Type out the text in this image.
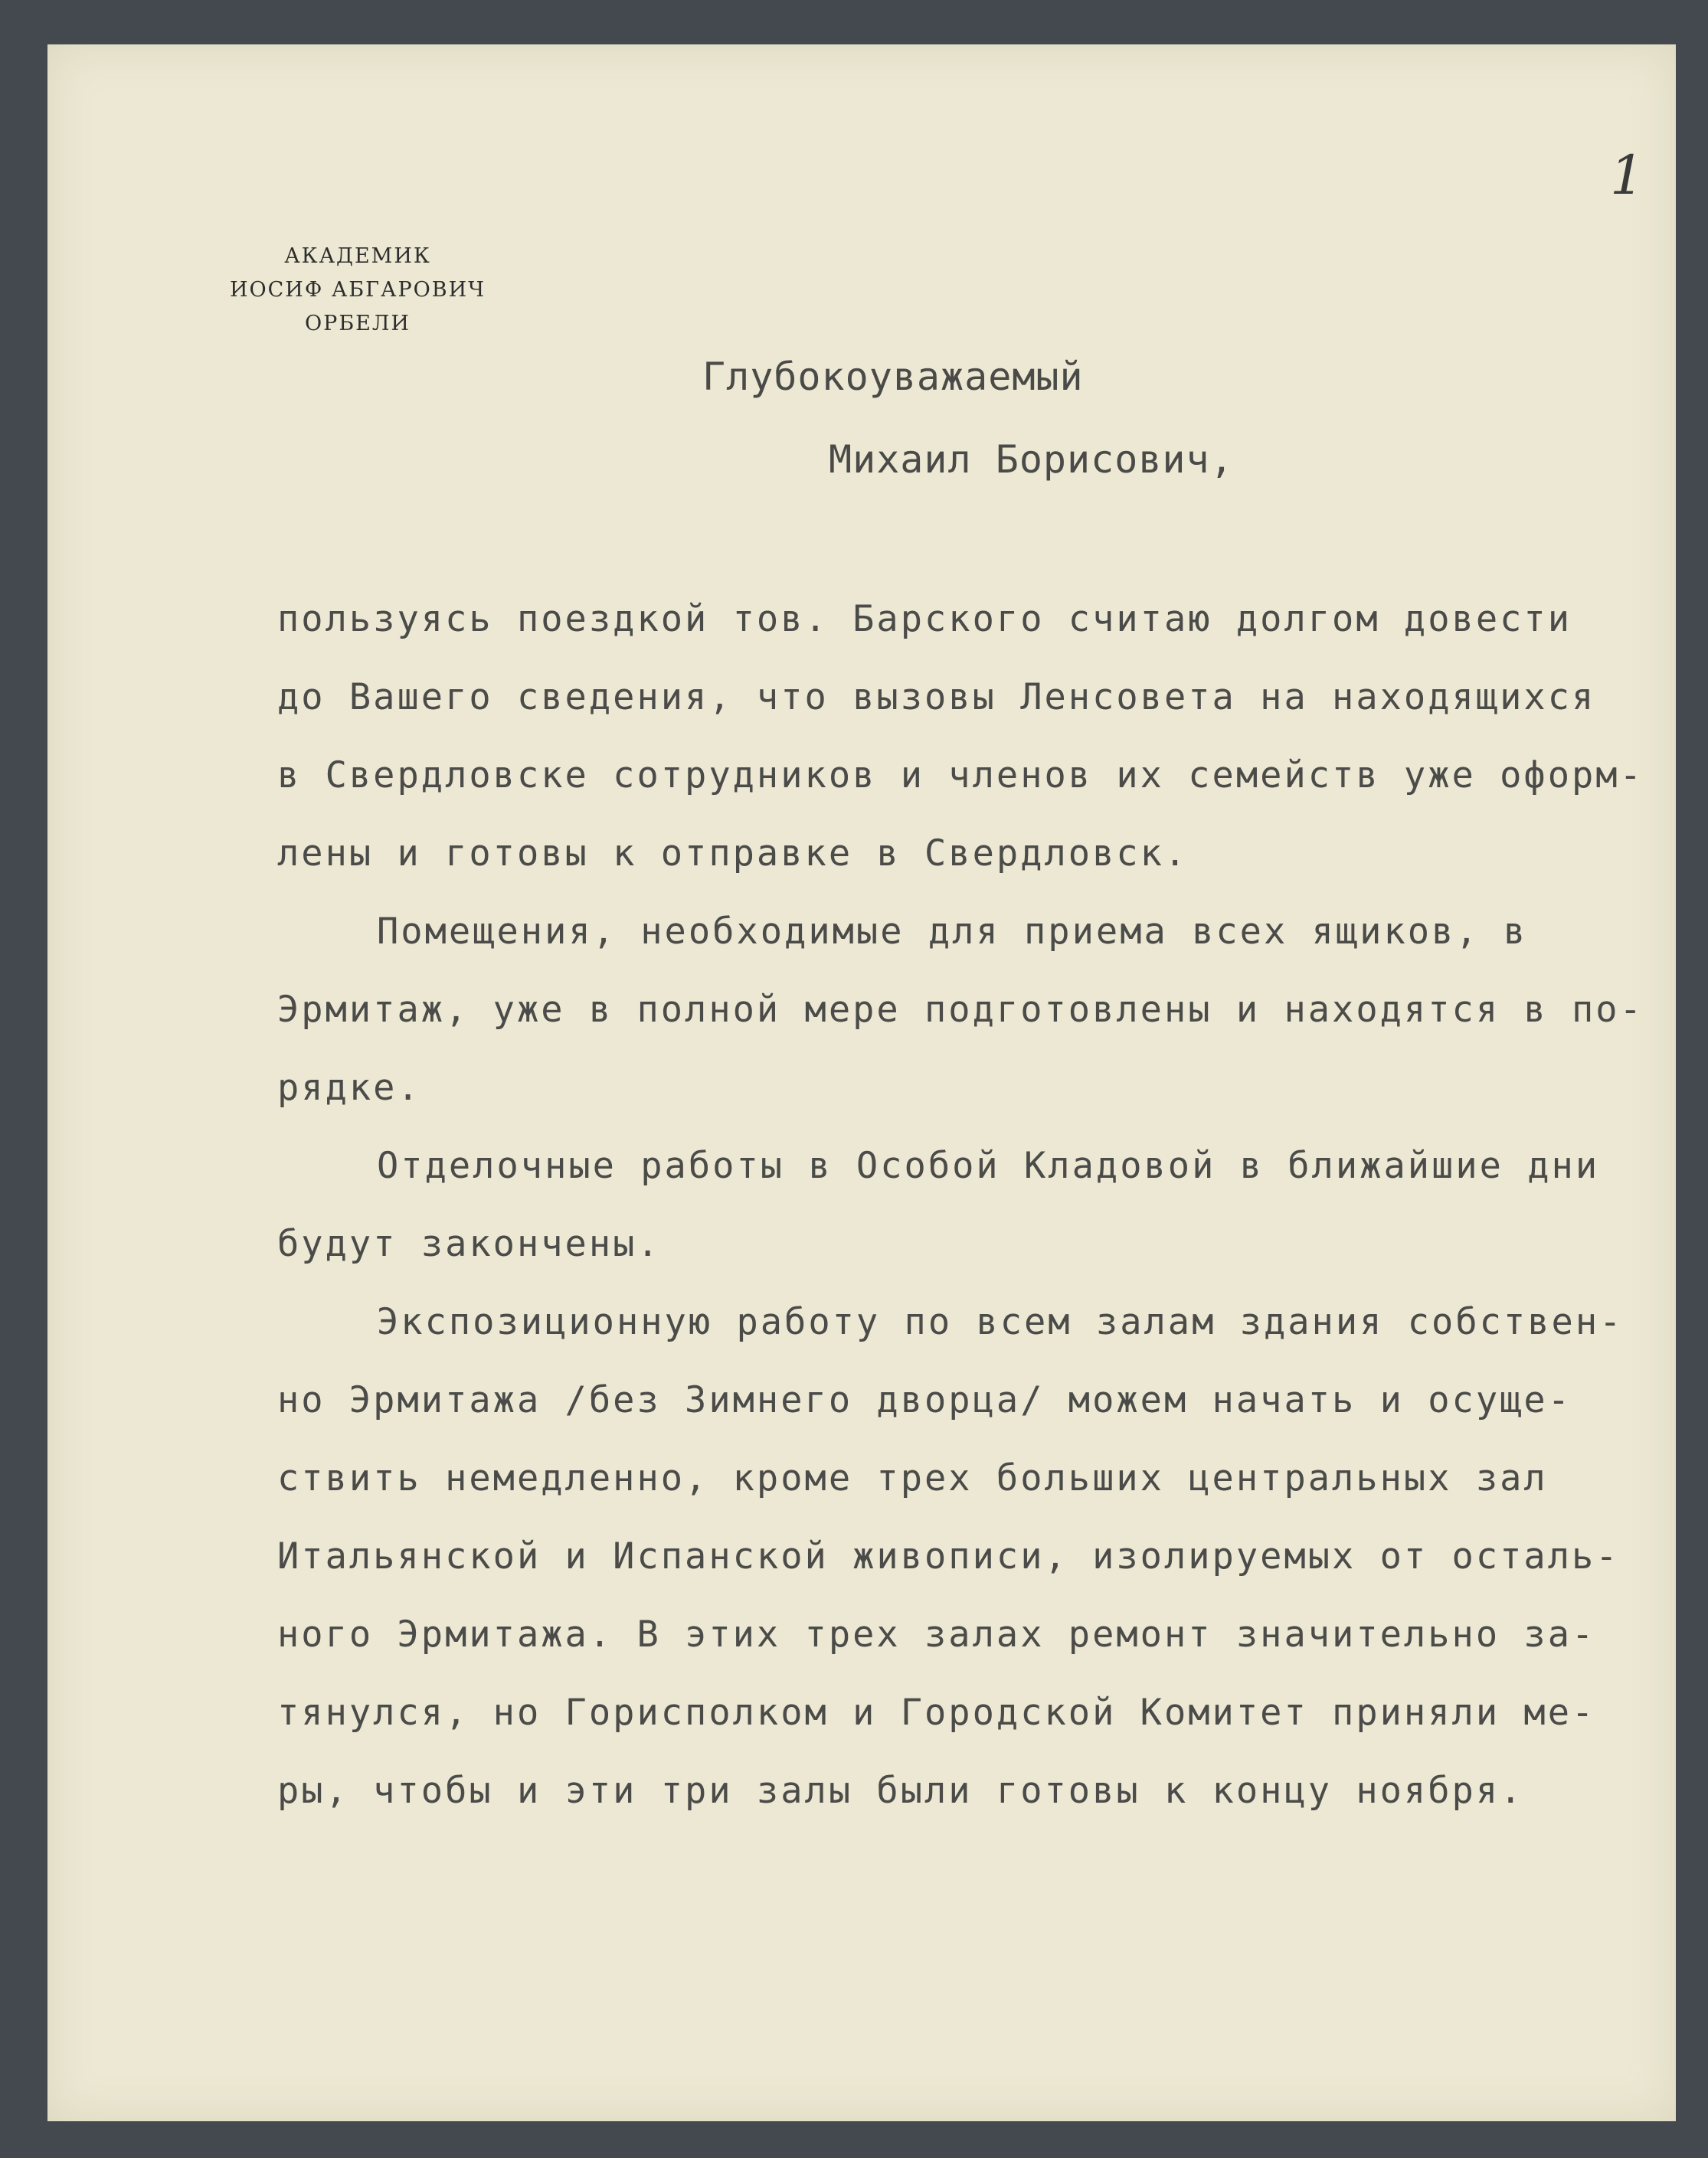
1
АКАДЕМИК
ИОСИФ АБГАРОВИЧ
ОРБЕЛИ
Глубокоуважаемый
Михаил Борисович,
пользуясь поездкой тов. Барского считаю долгом довести
до Вашего сведения, что вызовы Ленсовета на находящихся
в Свердловске сотрудников и членов их семейств уже оформ-
лены и готовы к отправке в Свердловск.
Помещения, необходимые для приема всех ящиков, в
Эрмитаж, уже в полной мере подготовлены и находятся в по-
рядке.
Отделочные работы в Особой Кладовой в ближайшие дни
будут закончены.
Экспозиционную работу по всем залам здания собствен-
но Эрмитажа /без Зимнего дворца/ можем начать и осуще-
ствить немедленно, кроме трех больших центральных зал
Итальянской и Испанской живописи, изолируемых от осталь-
ного Эрмитажа. В этих трех залах ремонт значительно за-
тянулся, но Горисполком и Городской Комитет приняли ме-
ры, чтобы и эти три залы были готовы к концу ноября.
